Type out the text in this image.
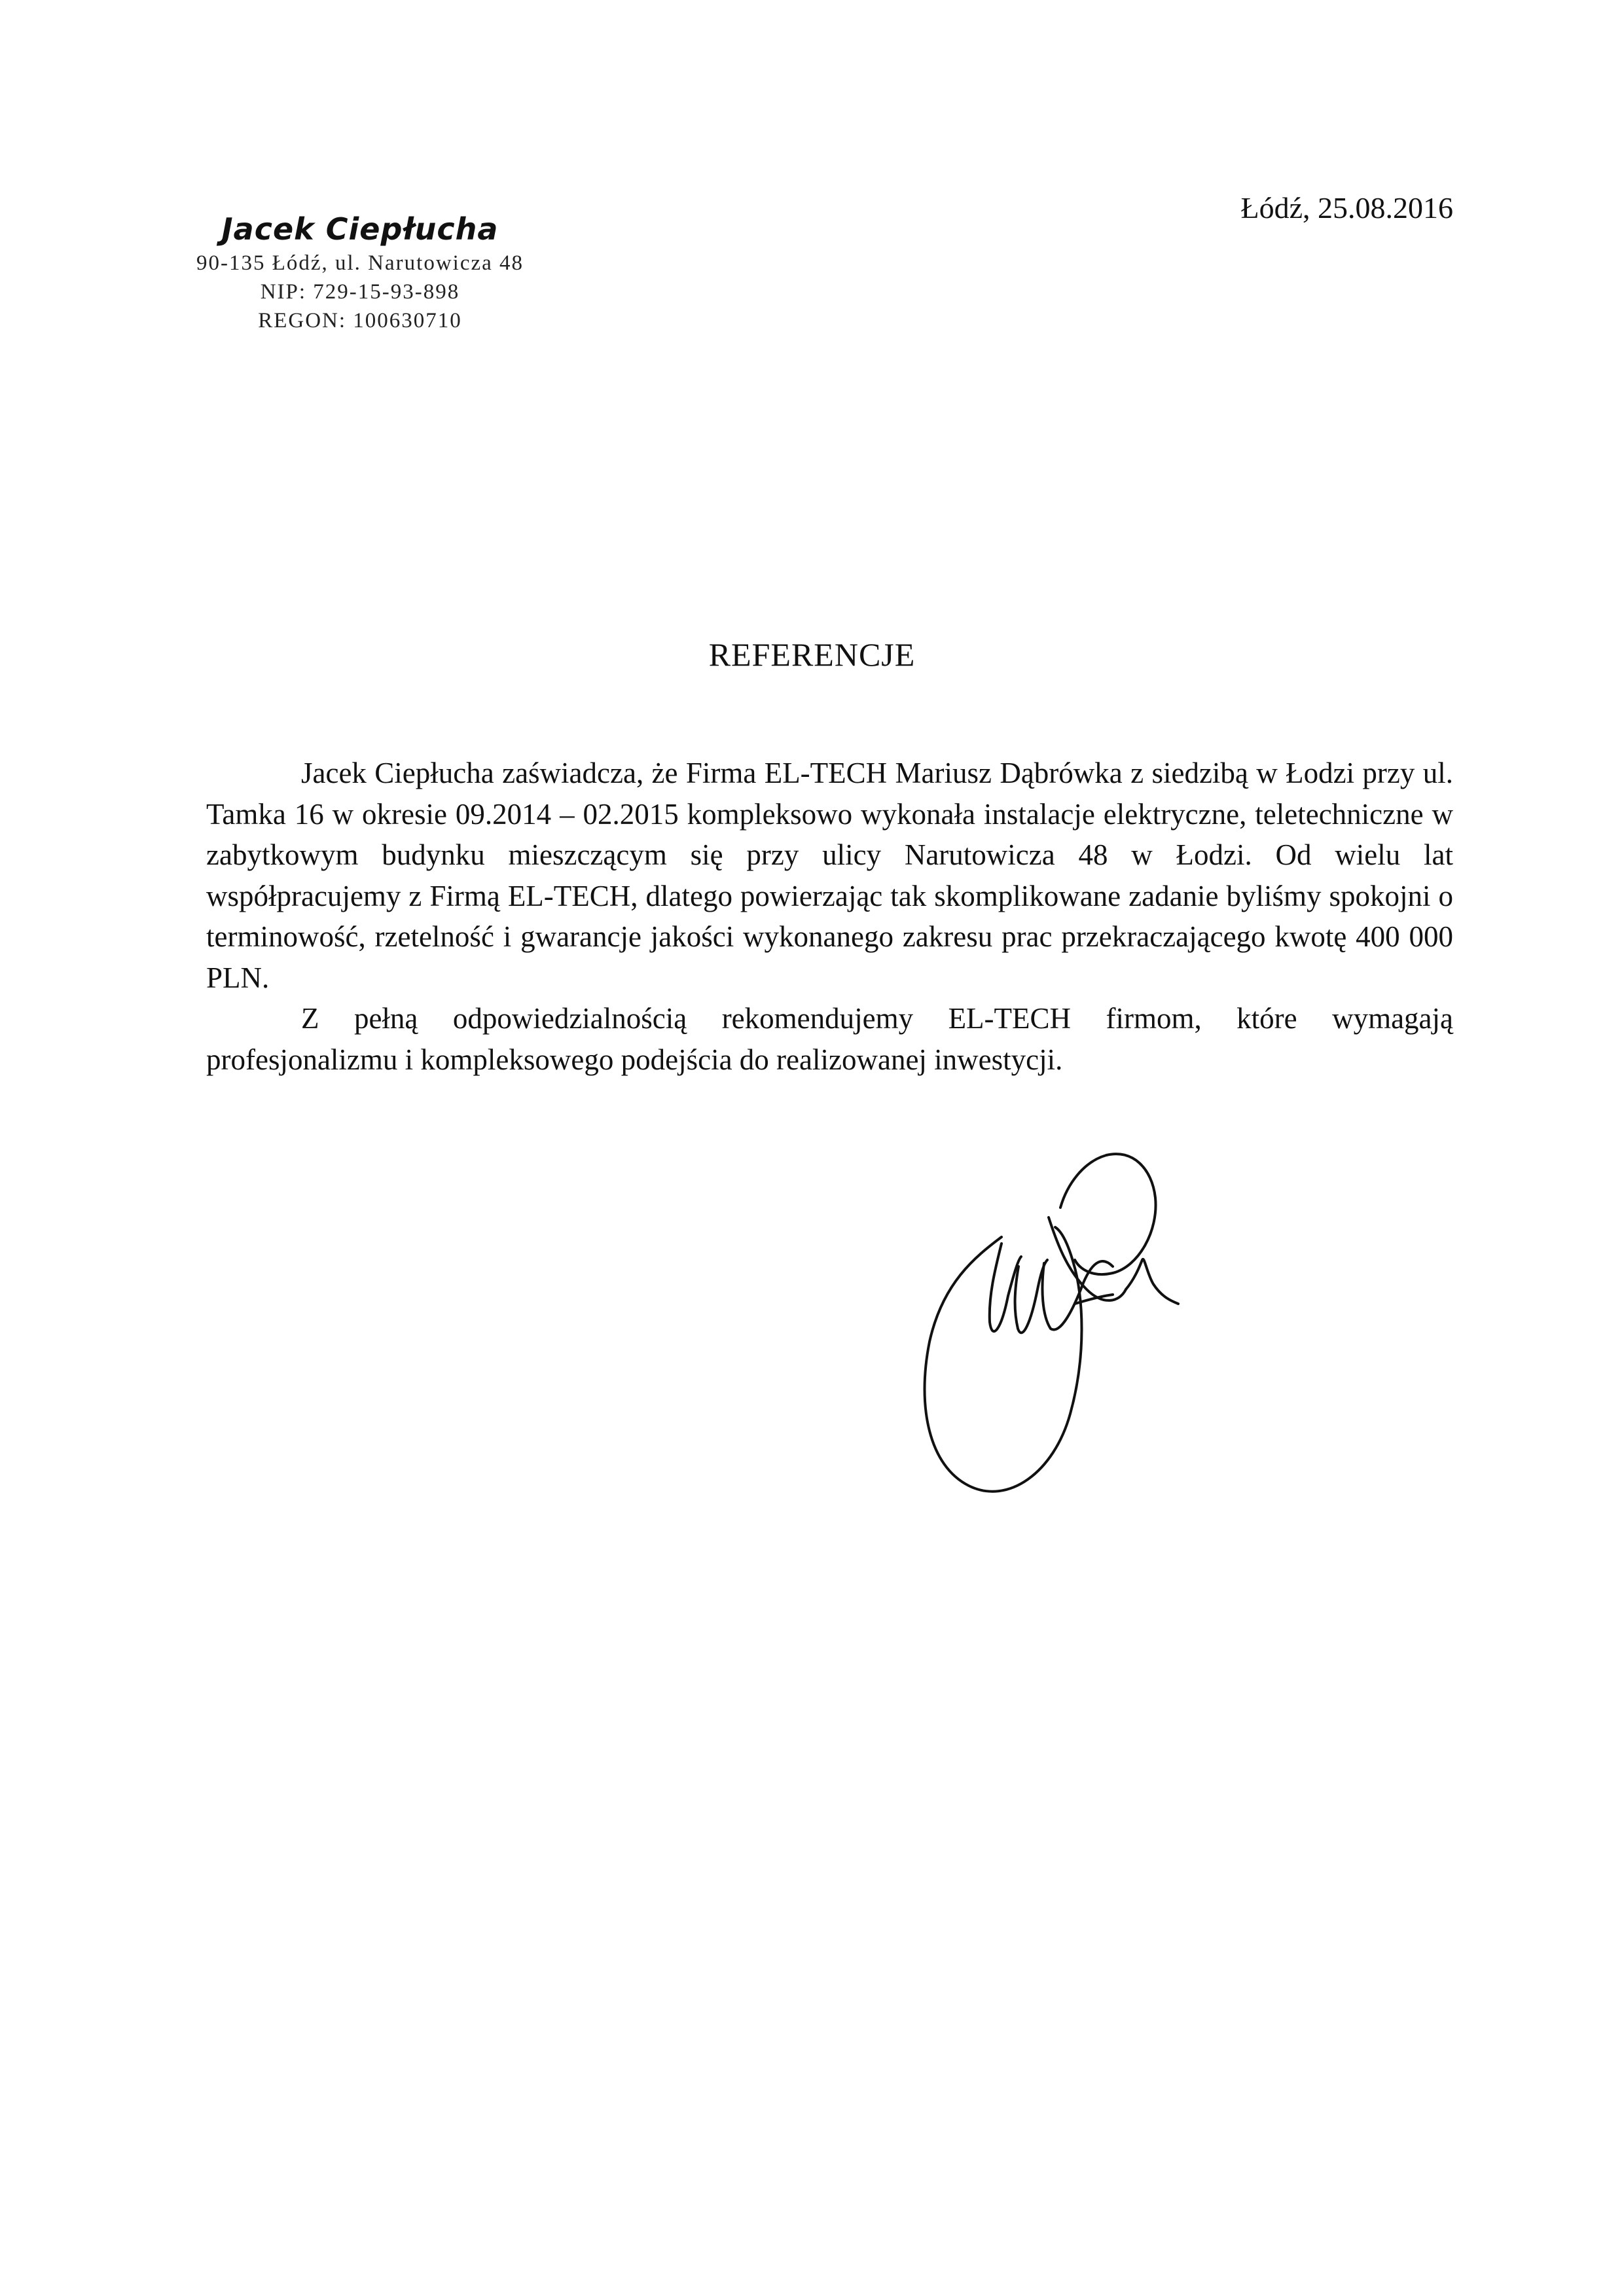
Jacek Ciepłucha
90-135 Łódź, ul. Narutowicza 48
NIP: 729-15-93-898
REGON: 100630710
Łódź, 25.08.2016
REFERENCJE

Jacek Ciepłucha zaświadcza, że Firma EL-TECH Mariusz Dąbrówka z siedzibą w Łodzi przy ul. Tamka 16 w okresie 09.2014 – 02.2015 kompleksowo wykonała instalacje elektryczne, teletechniczne w zabytkowym budynku mieszczącym się przy ulicy Narutowicza 48 w Łodzi. Od wielu lat współpracujemy z Firmą EL-TECH, dlatego powierzając tak skomplikowane zadanie byliśmy spokojni o terminowość, rzetelność i gwarancje jakości wykonanego zakresu prac przekraczającego kwotę 400 000 PLN.

Z pełną odpowiedzialnością rekomendujemy EL-TECH firmom, które wymagają profesjonalizmu i kompleksowego podejścia do realizowanej inwestycji.
